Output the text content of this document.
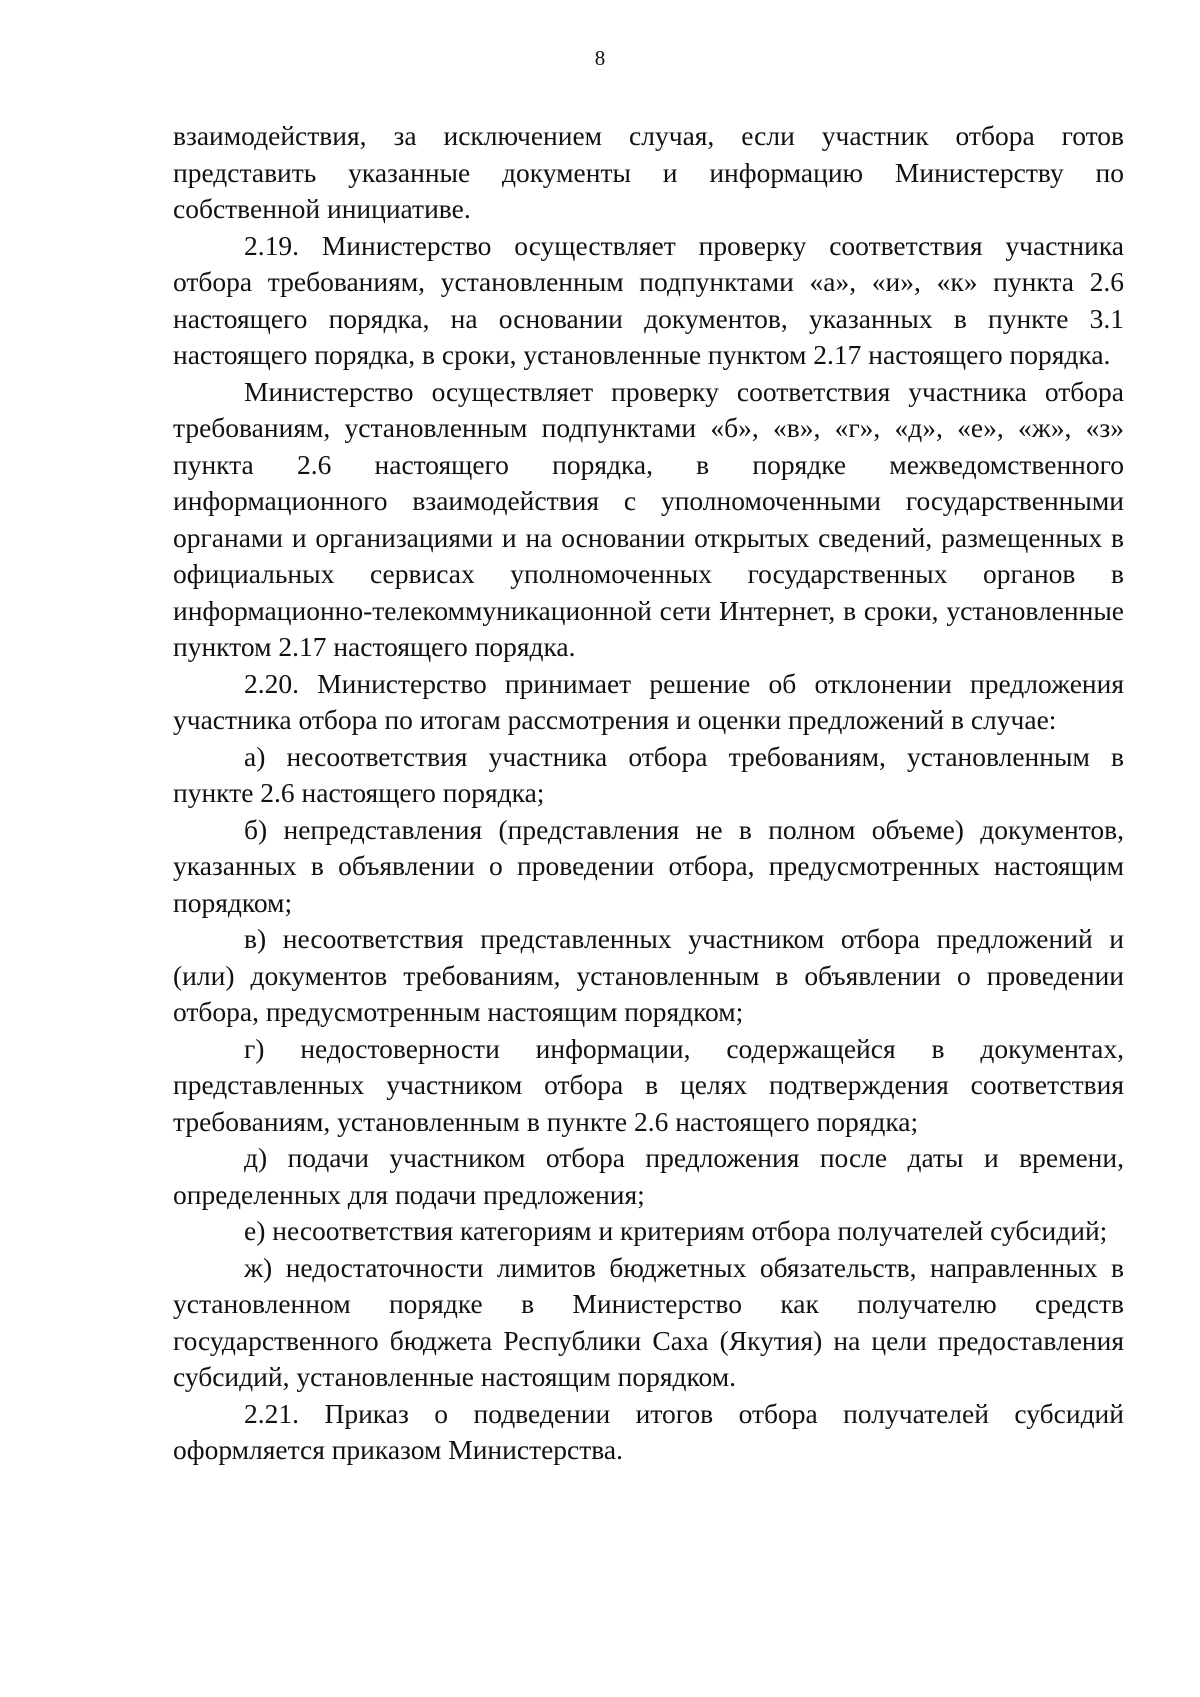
8

взаимодействия, за исключением случая, если участник отбора готов представить указанные документы и информацию Министерству по собственной инициативе.

2.19. Министерство осуществляет проверку соответствия участника отбора требованиям, установленным подпунктами «а», «и», «к» пункта 2.6 настоящего порядка, на основании документов, указанных в пункте 3.1 настоящего порядка, в сроки, установленные пунктом 2.17 настоящего порядка.

Министерство осуществляет проверку соответствия участника отбора требованиям, установленным подпунктами «б», «в», «г», «д», «е», «ж», «з» пункта 2.6 настоящего порядка, в порядке межведомственного информационного взаимодействия с уполномоченными государственными органами и организациями и на основании открытых сведений, размещенных в официальных сервисах уполномоченных государственных органов в информационно-телекоммуникационной сети Интернет, в сроки, установленные пунктом 2.17 настоящего порядка.

2.20. Министерство принимает решение об отклонении предложения участника отбора по итогам рассмотрения и оценки предложений в случае:

а) несоответствия участника отбора требованиям, установленным в пункте 2.6 настоящего порядка;

б) непредставления (представления не в полном объеме) документов, указанных в объявлении о проведении отбора, предусмотренных настоящим порядком;

в) несоответствия представленных участником отбора предложений и (или) документов требованиям, установленным в объявлении о проведении отбора, предусмотренным настоящим порядком;

г) недостоверности информации, содержащейся в документах, представленных участником отбора в целях подтверждения соответствия требованиям, установленным в пункте 2.6 настоящего порядка;

д) подачи участником отбора предложения после даты и времени, определенных для подачи предложения;

е) несоответствия категориям и критериям отбора получателей субсидий;

ж) недостаточности лимитов бюджетных обязательств, направленных в установленном порядке в Министерство как получателю средств государственного бюджета Республики Саха (Якутия) на цели предоставления субсидий, установленные настоящим порядком.

2.21. Приказ о подведении итогов отбора получателей субсидий оформляется приказом Министерства.
